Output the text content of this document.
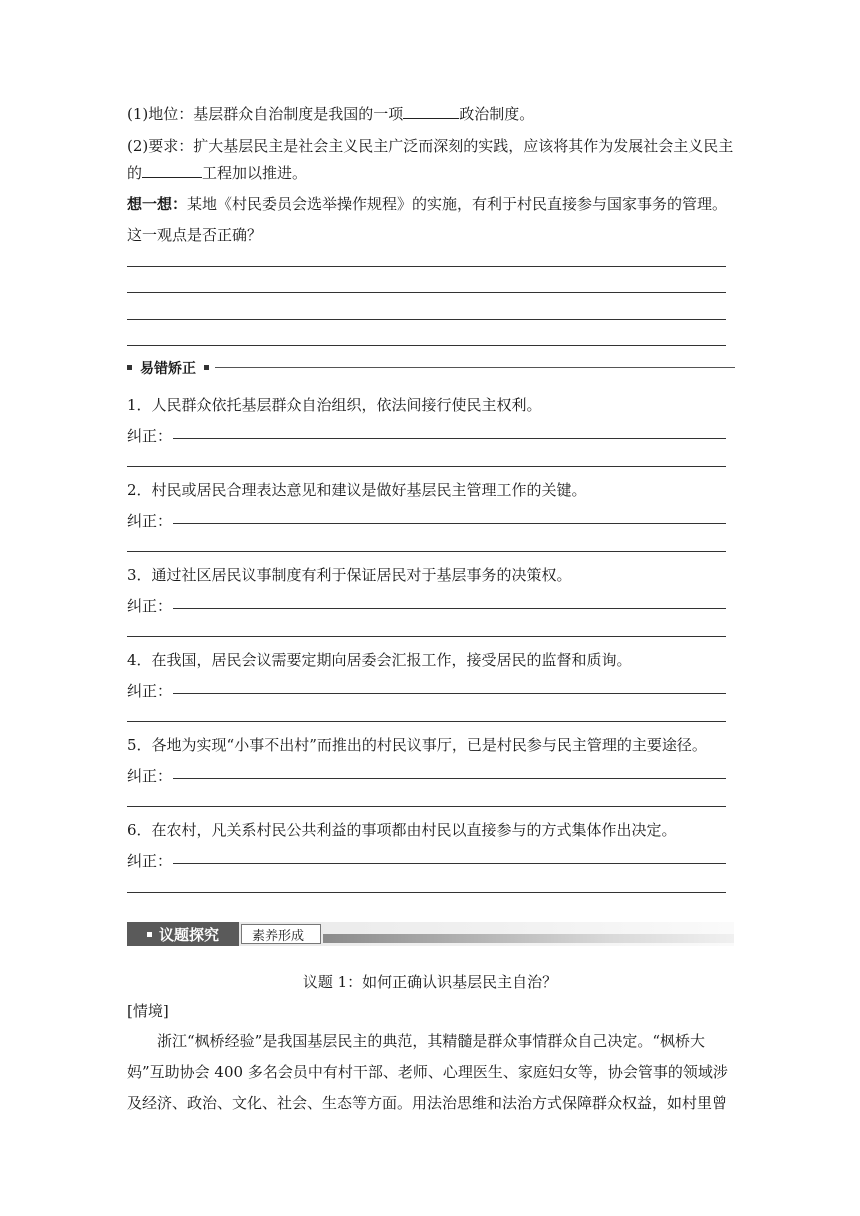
(1)地位：基层群众自治制度是我国的一项	政治制度。
(2)要求：扩大基层民主是社会主义民主广泛而深刻的实践，应该将其作为发展社会主义民主
的	工程加以推进。
想一想：某地《村民委员会选举操作规程》的实施，有利于村民直接参与国家事务的管理。
这一观点是否正确？
易错矫正
1．人民群众依托基层群众自治组织，依法间接行使民主权利。
纠正：
2．村民或居民合理表达意见和建议是做好基层民主管理工作的关键。
纠正：
3．通过社区居民议事制度有利于保证居民对于基层事务的决策权。
纠正：
4．在我国，居民会议需要定期向居委会汇报工作，接受居民的监督和质询。
纠正：
5．各地为实现“小事不出村”而推出的村民议事厅，已是村民参与民主管理的主要途径。
纠正：
6．在农村，凡关系村民公共利益的事项都由村民以直接参与的方式集体作出决定。
纠正：
议题探究	素养形成
议题 1：如何正确认识基层民主自治？
[情境]
浙江“枫桥经验”是我国基层民主的典范，其精髓是群众事情群众自己决定。“枫桥大
妈”互助协会 400 多名会员中有村干部、老师、心理医生、家庭妇女等，协会管事的领域涉
及经济、政治、文化、社会、生态等方面。用法治思维和法治方式保障群众权益，如村里曾
